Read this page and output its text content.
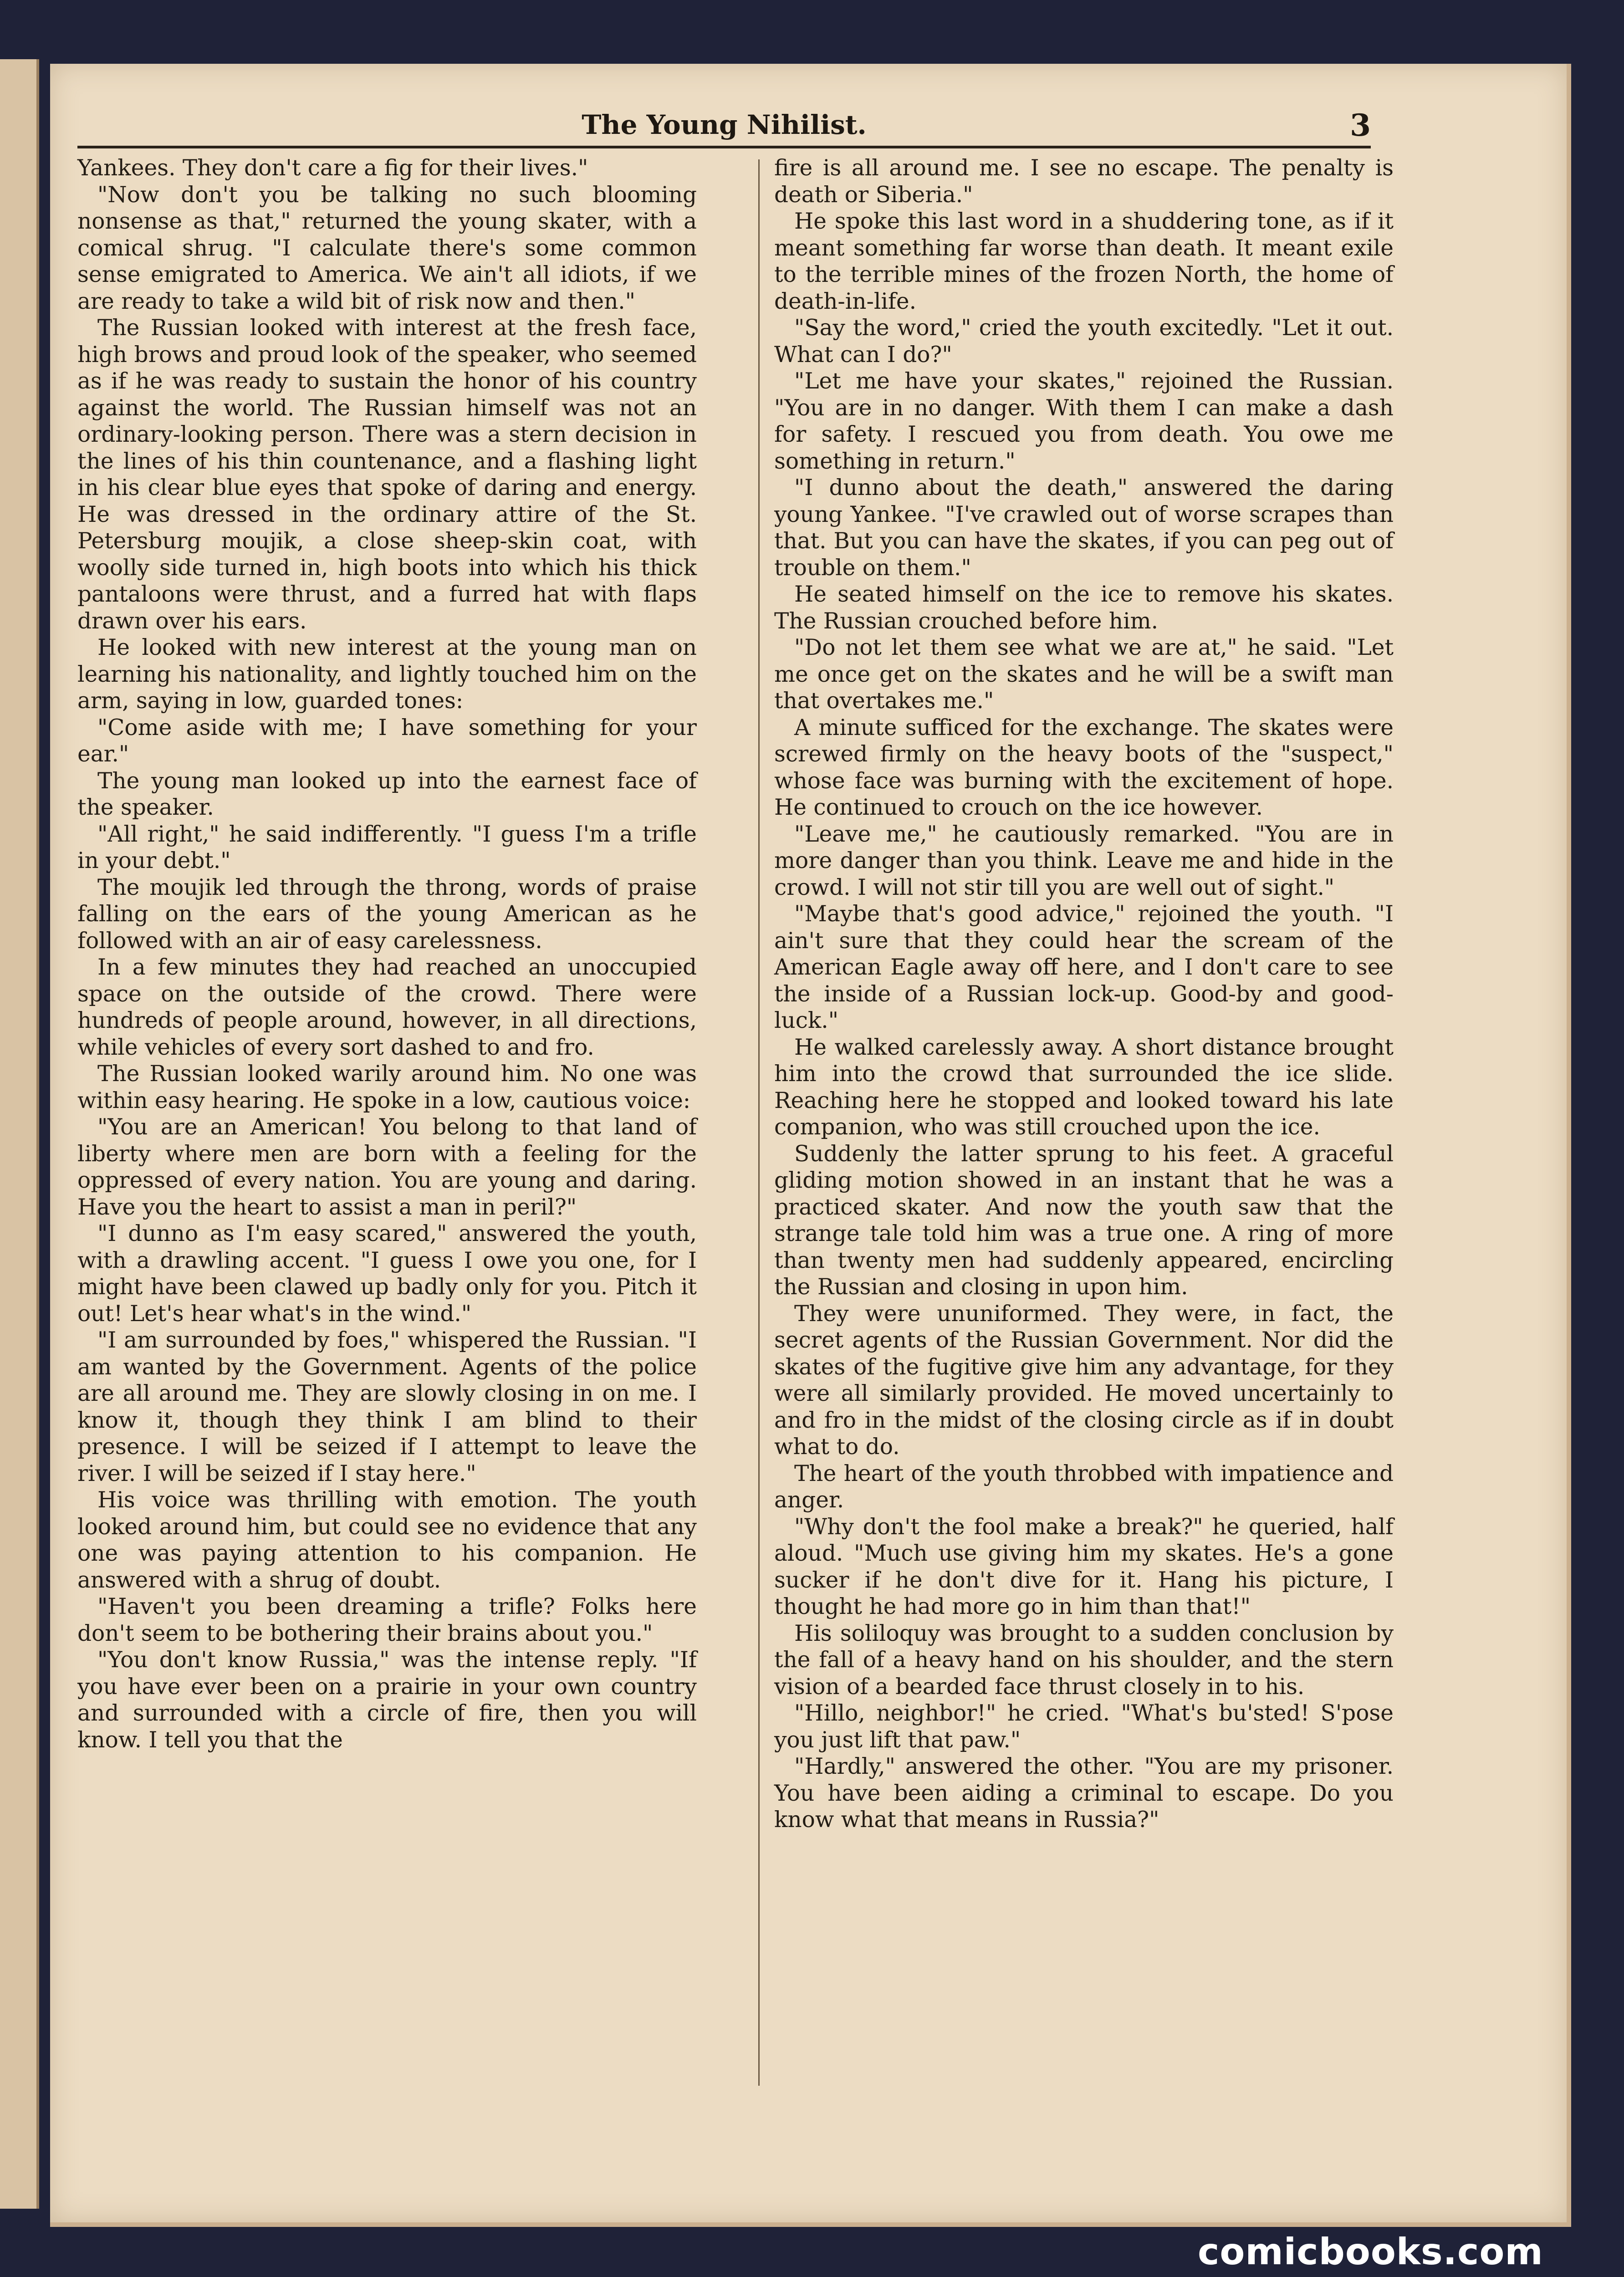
The Young Nihilist.	3

Yankees. They don't care a fig for their lives."

"Now don't you be talking no such blooming nonsense as that," returned the young skater, with a comical shrug. "I calculate there's some common sense emigrated to America. We ain't all idiots, if we are ready to take a wild bit of risk now and then."

The Russian looked with interest at the fresh face, high brows and proud look of the speaker, who seemed as if he was ready to sustain the honor of his country against the world. The Russian himself was not an ordinary-looking person. There was a stern decision in the lines of his thin countenance, and a flashing light in his clear blue eyes that spoke of daring and energy. He was dressed in the ordinary attire of the St. Petersburg moujik, a close sheep-skin coat, with woolly side turned in, high boots into which his thick pantaloons were thrust, and a furred hat with flaps drawn over his ears.

He looked with new interest at the young man on learning his nationality, and lightly touched him on the arm, saying in low, guarded tones:

"Come aside with me; I have something for your ear."

The young man looked up into the earnest face of the speaker.

"All right," he said indifferently. "I guess I'm a trifle in your debt."

The moujik led through the throng, words of praise falling on the ears of the young American as he followed with an air of easy carelessness.

In a few minutes they had reached an unoccupied space on the outside of the crowd. There were hundreds of people around, however, in all directions, while vehicles of every sort dashed to and fro.

The Russian looked warily around him. No one was within easy hearing. He spoke in a low, cautious voice:

"You are an American! You belong to that land of liberty where men are born with a feeling for the oppressed of every nation. You are young and daring. Have you the heart to assist a man in peril?"

"I dunno as I'm easy scared," answered the youth, with a drawling accent. "I guess I owe you one, for I might have been clawed up badly only for you. Pitch it out! Let's hear what's in the wind."

"I am surrounded by foes," whispered the Russian. "I am wanted by the Government. Agents of the police are all around me. They are slowly closing in on me. I know it, though they think I am blind to their presence. I will be seized if I attempt to leave the river. I will be seized if I stay here."

His voice was thrilling with emotion. The youth looked around him, but could see no evidence that any one was paying attention to his companion. He answered with a shrug of doubt.

"Haven't you been dreaming a trifle? Folks here don't seem to be bothering their brains about you."

"You don't know Russia," was the intense reply. "If you have ever been on a prairie in your own country and surrounded with a circle of fire, then you will know. I tell you that the

fire is all around me. I see no escape. The penalty is death or Siberia."

He spoke this last word in a shuddering tone, as if it meant something far worse than death. It meant exile to the terrible mines of the frozen North, the home of death-in-life.

"Say the word," cried the youth excitedly. "Let it out. What can I do?"

"Let me have your skates," rejoined the Russian. "You are in no danger. With them I can make a dash for safety. I rescued you from death. You owe me something in return."

"I dunno about the death," answered the daring young Yankee. "I've crawled out of worse scrapes than that. But you can have the skates, if you can peg out of trouble on them."

He seated himself on the ice to remove his skates. The Russian crouched before him.

"Do not let them see what we are at," he said. "Let me once get on the skates and he will be a swift man that overtakes me."

A minute sufficed for the exchange. The skates were screwed firmly on the heavy boots of the "suspect," whose face was burning with the excitement of hope. He continued to crouch on the ice however.

"Leave me," he cautiously remarked. "You are in more danger than you think. Leave me and hide in the crowd. I will not stir till you are well out of sight."

"Maybe that's good advice," rejoined the youth. "I ain't sure that they could hear the scream of the American Eagle away off here, and I don't care to see the inside of a Russian lock-up. Good-by and good-luck."

He walked carelessly away. A short distance brought him into the crowd that surrounded the ice slide. Reaching here he stopped and looked toward his late companion, who was still crouched upon the ice.

Suddenly the latter sprung to his feet. A graceful gliding motion showed in an instant that he was a practiced skater. And now the youth saw that the strange tale told him was a true one. A ring of more than twenty men had suddenly appeared, encircling the Russian and closing in upon him.

They were ununiformed. They were, in fact, the secret agents of the Russian Government. Nor did the skates of the fugitive give him any advantage, for they were all similarly provided. He moved uncertainly to and fro in the midst of the closing circle as if in doubt what to do.

The heart of the youth throbbed with impatience and anger.

"Why don't the fool make a break?" he queried, half aloud. "Much use giving him my skates. He's a gone sucker if he don't dive for it. Hang his picture, I thought he had more go in him than that!"

His soliloquy was brought to a sudden conclusion by the fall of a heavy hand on his shoulder, and the stern vision of a bearded face thrust closely in to his.

"Hillo, neighbor!" he cried. "What's bu'sted! S'pose you just lift that paw."

"Hardly," answered the other. "You are my prisoner. You have been aiding a criminal to escape. Do you know what that means in Russia?"

comicbooks.com
